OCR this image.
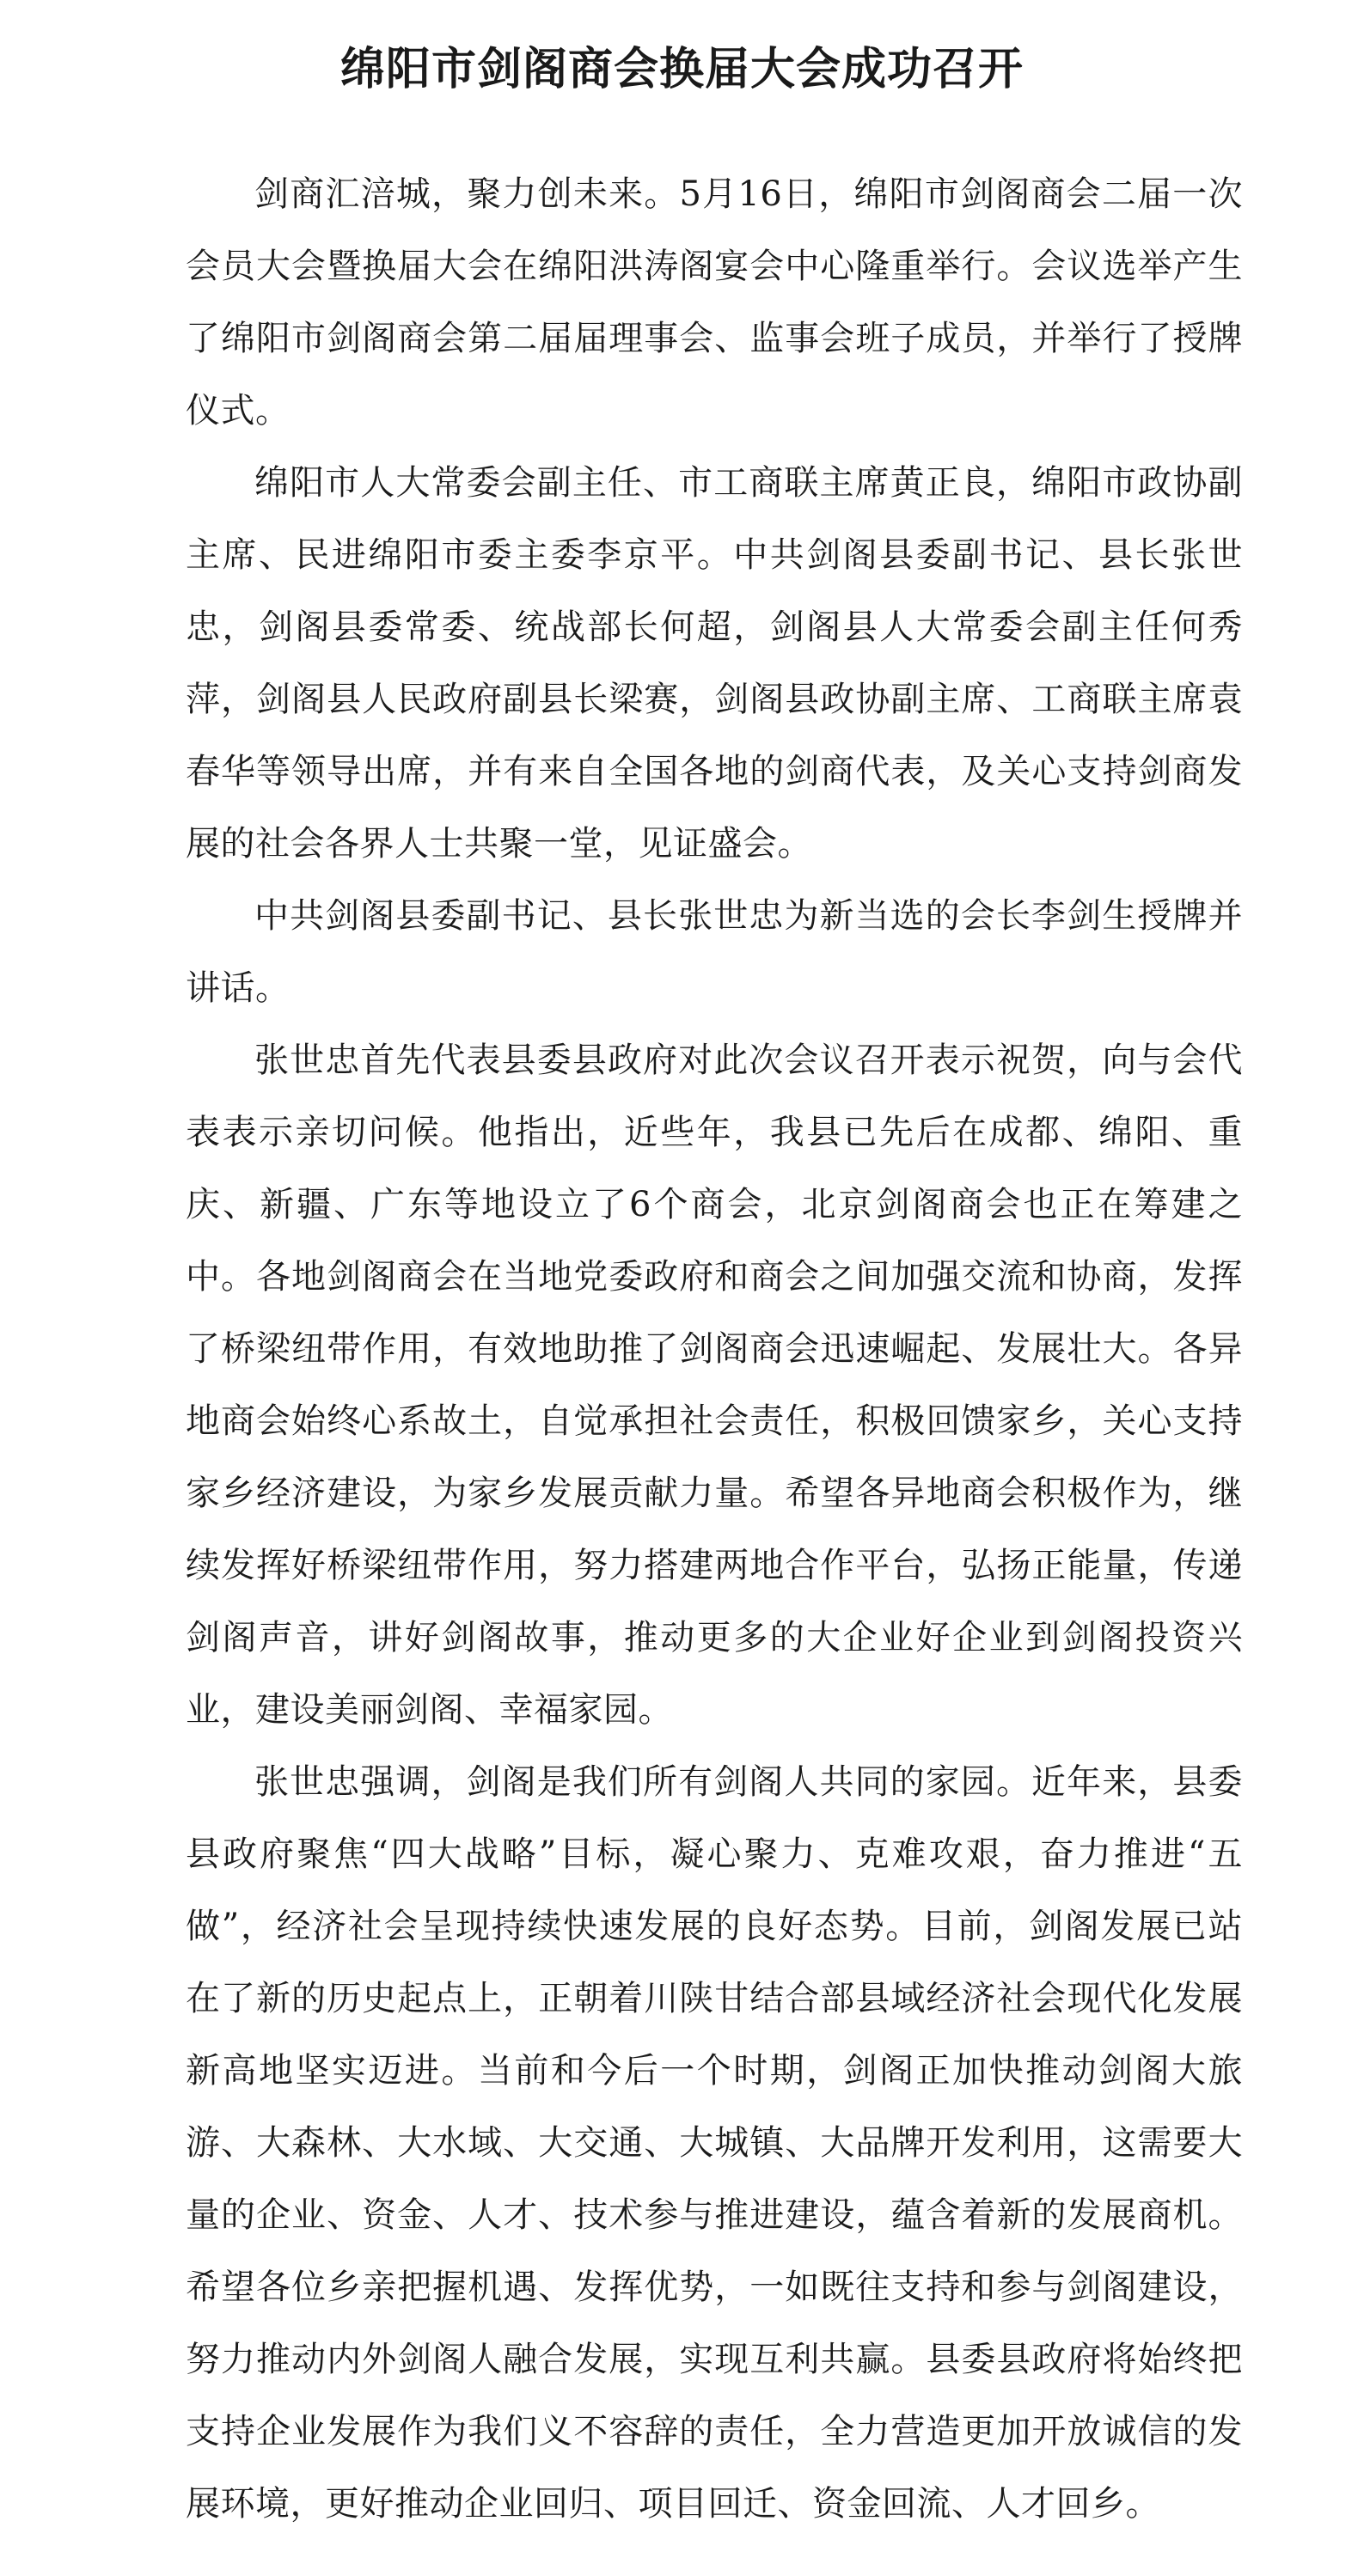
绵阳市剑阁商会换届大会成功召开

剑商汇涪城，聚力创未来。5月16日，绵阳市剑阁商会二届一次会员大会暨换届大会在绵阳洪涛阁宴会中心隆重举行。会议选举产生了绵阳市剑阁商会第二届届理事会、监事会班子成员，并举行了授牌仪式。

绵阳市人大常委会副主任、市工商联主席黄正良，绵阳市政协副主席、民进绵阳市委主委李京平。中共剑阁县委副书记、县长张世忠，剑阁县委常委、统战部长何超，剑阁县人大常委会副主任何秀萍，剑阁县人民政府副县长梁赛，剑阁县政协副主席、工商联主席袁春华等领导出席，并有来自全国各地的剑商代表，及关心支持剑商发展的社会各界人士共聚一堂，见证盛会。

中共剑阁县委副书记、县长张世忠为新当选的会长李剑生授牌并讲话。

张世忠首先代表县委县政府对此次会议召开表示祝贺，向与会代表表示亲切问候。他指出，近些年，我县已先后在成都、绵阳、重庆、新疆、广东等地设立了6个商会，北京剑阁商会也正在筹建之中。各地剑阁商会在当地党委政府和商会之间加强交流和协商，发挥了桥梁纽带作用，有效地助推了剑阁商会迅速崛起、发展壮大。各异地商会始终心系故土，自觉承担社会责任，积极回馈家乡，关心支持家乡经济建设，为家乡发展贡献力量。希望各异地商会积极作为，继续发挥好桥梁纽带作用，努力搭建两地合作平台，弘扬正能量，传递剑阁声音，讲好剑阁故事，推动更多的大企业好企业到剑阁投资兴业，建设美丽剑阁、幸福家园。

张世忠强调，剑阁是我们所有剑阁人共同的家园。近年来，县委县政府聚焦“四大战略”目标，凝心聚力、克难攻艰，奋力推进“五做”，经济社会呈现持续快速发展的良好态势。目前，剑阁发展已站在了新的历史起点上，正朝着川陕甘结合部县域经济社会现代化发展新高地坚实迈进。当前和今后一个时期，剑阁正加快推动剑阁大旅游、大森林、大水域、大交通、大城镇、大品牌开发利用，这需要大量的企业、资金、人才、技术参与推进建设，蕴含着新的发展商机。希望各位乡亲把握机遇、发挥优势，一如既往支持和参与剑阁建设，努力推动内外剑阁人融合发展，实现互利共赢。县委县政府将始终把支持企业发展作为我们义不容辞的责任，全力营造更加开放诚信的发展环境，更好推动企业回归、项目回迁、资金回流、人才回乡。
